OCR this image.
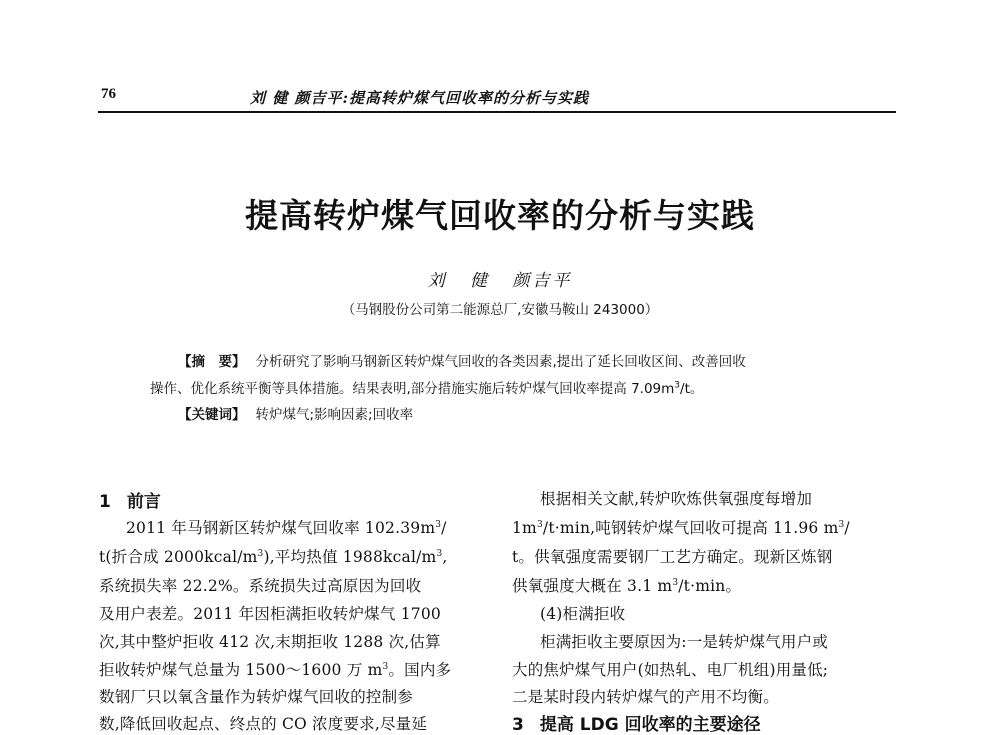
76	刘 健 颜吉平:提高转炉煤气回收率的分析与实践
提高转炉煤气回收率的分析与实践
刘 健 颜吉平
（马钢股份公司第二能源总厂,安徽马鞍山 243000）
【摘　要】 分析研究了影响马钢新区转炉煤气回收的各类因素,提出了延长回收区间、改善回收
操作、优化系统平衡等具体措施。结果表明,部分措施实施后转炉煤气回收率提高 $7.09m^3/t$。
【关键词】 转炉煤气;影响因素;回收率
1 前言
2011 年马钢新区转炉煤气回收率 $102.39m^3/$
t(折合成 $2000kcal/m^3$),平均热值 $1988kcal/m^3$,
系统损失率 22.2%。系统损失过高原因为回收
及用户表差。2011 年因柜满拒收转炉煤气 1700
次,其中整炉拒收 412 次,末期拒收 1288 次,估算
拒收转炉煤气总量为 1500～1600 万 $m^3$。国内多
数钢厂只以氧含量作为转炉煤气回收的控制参
数,降低回收起点、终点的 CO 浓度要求,尽量延
根据相关文献,转炉吹炼供氧强度每增加
$1m^3/t\cdot\min$,吨钢转炉煤气回收可提高 11.96 $m^3/$
t。供氧强度需要钢厂工艺方确定。现新区炼钢
供氧强度大概在 3.1 $m^3/t\cdot\min$。
(4)柜满拒收
柜满拒收主要原因为:一是转炉煤气用户或
大的焦炉煤气用户(如热轧、电厂机组)用量低;
二是某时段内转炉煤气的产用不均衡。
3 提高 LDG 回收率的主要途径
